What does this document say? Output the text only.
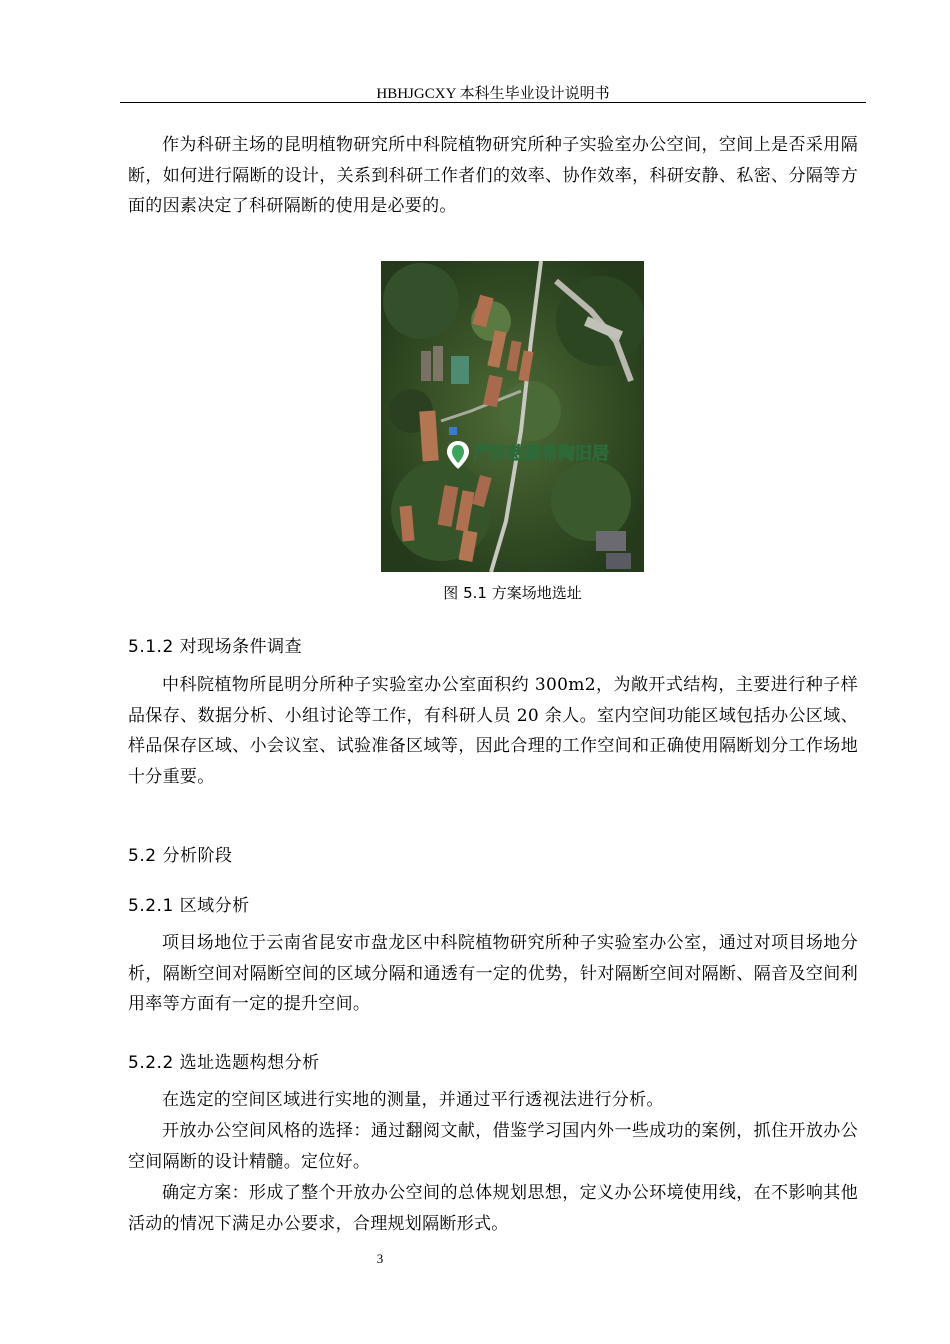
HBHJGCXY 本科生毕业设计说明书
作为科研主场的昆明植物研究所中科院植物研究所种子实验室办公空间，空间上是否采用隔断，如何进行隔断的设计，关系到科研工作者们的效率、协作效率，科研安静、私密、分隔等方面的因素决定了科研隔断的使用是必要的。
严济慈蔡希陶旧居
图 5.1 方案场地选址
5.1.2 对现场条件调查
中科院植物所昆明分所种子实验室办公室面积约 300m2，为敞开式结构，主要进行种子样品保存、数据分析、小组讨论等工作，有科研人员 20 余人。室内空间功能区域包括办公区域、样品保存区域、小会议室、试验准备区域等，因此合理的工作空间和正确使用隔断划分工作场地十分重要。
5.2 分析阶段
5.2.1 区域分析
项目场地位于云南省昆安市盘龙区中科院植物研究所种子实验室办公室，通过对项目场地分析，隔断空间对隔断空间的区域分隔和通透有一定的优势，针对隔断空间对隔断、隔音及空间利用率等方面有一定的提升空间。
5.2.2 选址选题构想分析
在选定的空间区域进行实地的测量，并通过平行透视法进行分析。
开放办公空间风格的选择：通过翻阅文献，借鉴学习国内外一些成功的案例，抓住开放办公空间隔断的设计精髓。定位好。
确定方案：形成了整个开放办公空间的总体规划思想，定义办公环境使用线，在不影响其他活动的情况下满足办公要求，合理规划隔断形式。
3
